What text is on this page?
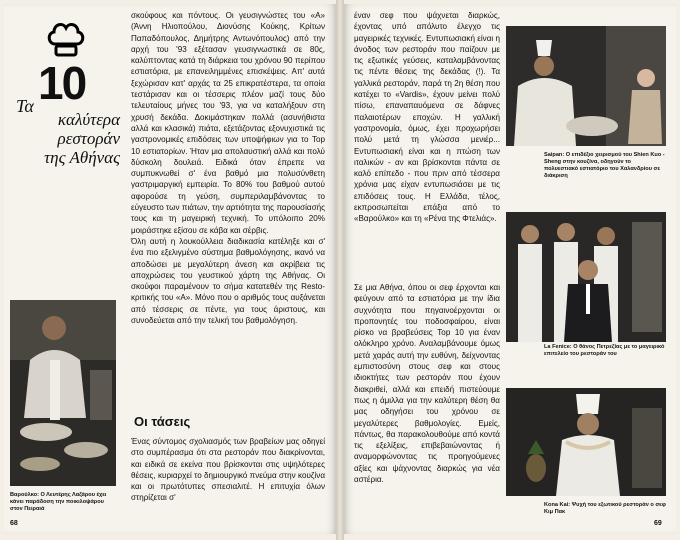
Τα 10
καλύτερα
ρεστοράν
της Αθήνας

σκούφους και πόντους. Οι γευσιγνώστες του «Α» (Άννη Ηλιοπούλου, Διονύσης Κούκης, Κρίτων Παπαδόπουλος, Δημήτρης Αντωνόπουλος) από την αρχή του '93 εξέτασαν γευσιγνωστικά σε 80ς, καλύπτοντας κατά τη διάρκεια του χρόνου 90 περίπου εστιατόρια, με επανειλημμένες επισκέψεις. Απ' αυτά ξεχώρισαν κατ' αρχάς τα 25 επικρατέστερα, τα οποία τεστάρισαν και οι τέσσερις πλέον μαζί τους δύο τελευταίους μήνες του '93, για να καταλήξουν στη χρυσή δεκάδα. Δοκιμάστηκαν πολλά (ασυνήθιστα αλλά και κλασικά) πιάτα, εξετάζοντας εξονυχιστικά τις γαστρονομικές επιδόσεις των υποψήφιων για το Top 10 εστιατορίων. Ήταν μια απολαυστική αλλά και πολύ δύσκολη δουλειά. Ειδικά όταν έπρεπε να συμπυκνωθεί σ' ένα βαθμό μια πολυσύνθετη γαστριμαργική εμπειρία. Το 80% του βαθμού αυτού αφορούσε τη γεύση, συμπεριλαμβάνοντας το εύγευστο των πιάτων, την αρτιότητα της παρουσίασής τους και τη μαγειρική τεχνική. Το υπόλοιπο 20% μοιράστηκε εξίσου σε κάβα και σέρβις.

Όλη αυτή η λουκούλλεια διαδικασία κατέληξε και σ' ένα πιο εξελιγμένο σύστημα βαθμολόγησης, ικανό να αποδώσει με μεγαλύτερη άνεση και ακρίβεια τις αποχρώσεις του γευστικού χάρτη της Αθήνας. Οι σκούφοι παραμένουν το σήμα κατατεθέν της Resto-κριτικής του «Α». Μόνο που ο αριθμός τους αυξάνεται από τέσσερις σε πέντε, για τους άριστους, και συνοδεύεται από την τελική του βαθμολόγηση.

Οι τάσεις
Ένας σύντομος σχολιασμός των βραβείων μας οδηγεί στο συμπέρασμα ότι στα ρεστοράν που διακρίνονται, και ειδικά σε εκείνα που βρίσκονται στις υψηλότερες θέσεις, κυριαρχεί το δημιουργικό πνεύμα στην κουζίνα και οι πρωτότυπες σπεσιαλιτέ. Η επιτυχία όλων στηρίζεται σ'
Βαρούλκο: Ο Λευτέρης Λαζάρου έχει κάνει παράδοση την ποικιλοψάρου στον Πειραιά
68
έναν σεφ που ψάχνεται διαρκώς, έχοντας υπό απόλυτο έλεγχο τις μαγειρικές τεχνικές. Εντυπωσιακή είναι η άνοδος των ρεστοράν που παίζουν με τις εξωτικές γεύσεις, καταλαμβάνοντας τις πέντε θέσεις της δεκάδας (!). Τα γαλλικά ρεστοράν, παρά τη 2η θέση που κατέχει το «Vardis», έχουν μείνει πολύ πίσω, επαναπαυόμενα σε δάφνες παλαιοτέρων εποχών. Η γαλλική γαστρονομία, όμως, έχει προχωρήσει πολύ μετά τη γλώσσα μενιέρ... Εντυπωσιακή είναι και η πτώση των ιταλικών - αν και βρίσκονται πάντα σε καλό επίπεδο - που πριν από τέσσερα χρόνια μας είχαν εντυπωσιάσει με τις επιδόσεις τους. Η Ελλάδα, τέλος, εκπροσωπείται επάξια από το «Βαρούλκο» και τη «Ρένα της Φτελιάς».
Σε μια Αθήνα, όπου οι σεφ έρχονται και φεύγουν από τα εστιατόρια με την ίδια συχνότητα που πηγαινοέρχονται οι προπονητές του ποδοσφαίρου, είναι ρίσκο να βραβεύσεις Top 10 για έναν ολόκληρο χρόνο. Αναλαμβάνουμε όμως μετά χαράς αυτή την ευθύνη, δείχνοντας εμπιστοσύνη στους σεφ και στους ιδιοκτήτες των ρεστοράν που έχουν διακριθεί, αλλά και επειδή πιστεύουμε πως η άμιλλα για την καλύτερη θέση θα μας οδηγήσει του χρόνου σε μεγαλύτερες βαθμολογίες. Εμείς, πάντως, θα παρακολουθούμε από κοντά τις εξελίξεις, επιβεβαιώνοντας ή αναμορφώνοντας τις προηγούμενες αξίες και ψάχνοντας διαρκώς για νέα αστέρια.
Saipan: Ο επιδέξιο χειρισμού του Shien Kuo - Sheng στην κουζίνα, οδηγούν το πολυεστιακό εστιατόριο του Χαλανδρίου σε διάκριση
La Fenice: Ο θάνος Πετρεζίας με το μαγειρικό επιτελείο του ρεστοράν του
Kona Kai: Ψυχή του εξωτικού ρεστοράν ο σεφ Κιμ Πακ
69
